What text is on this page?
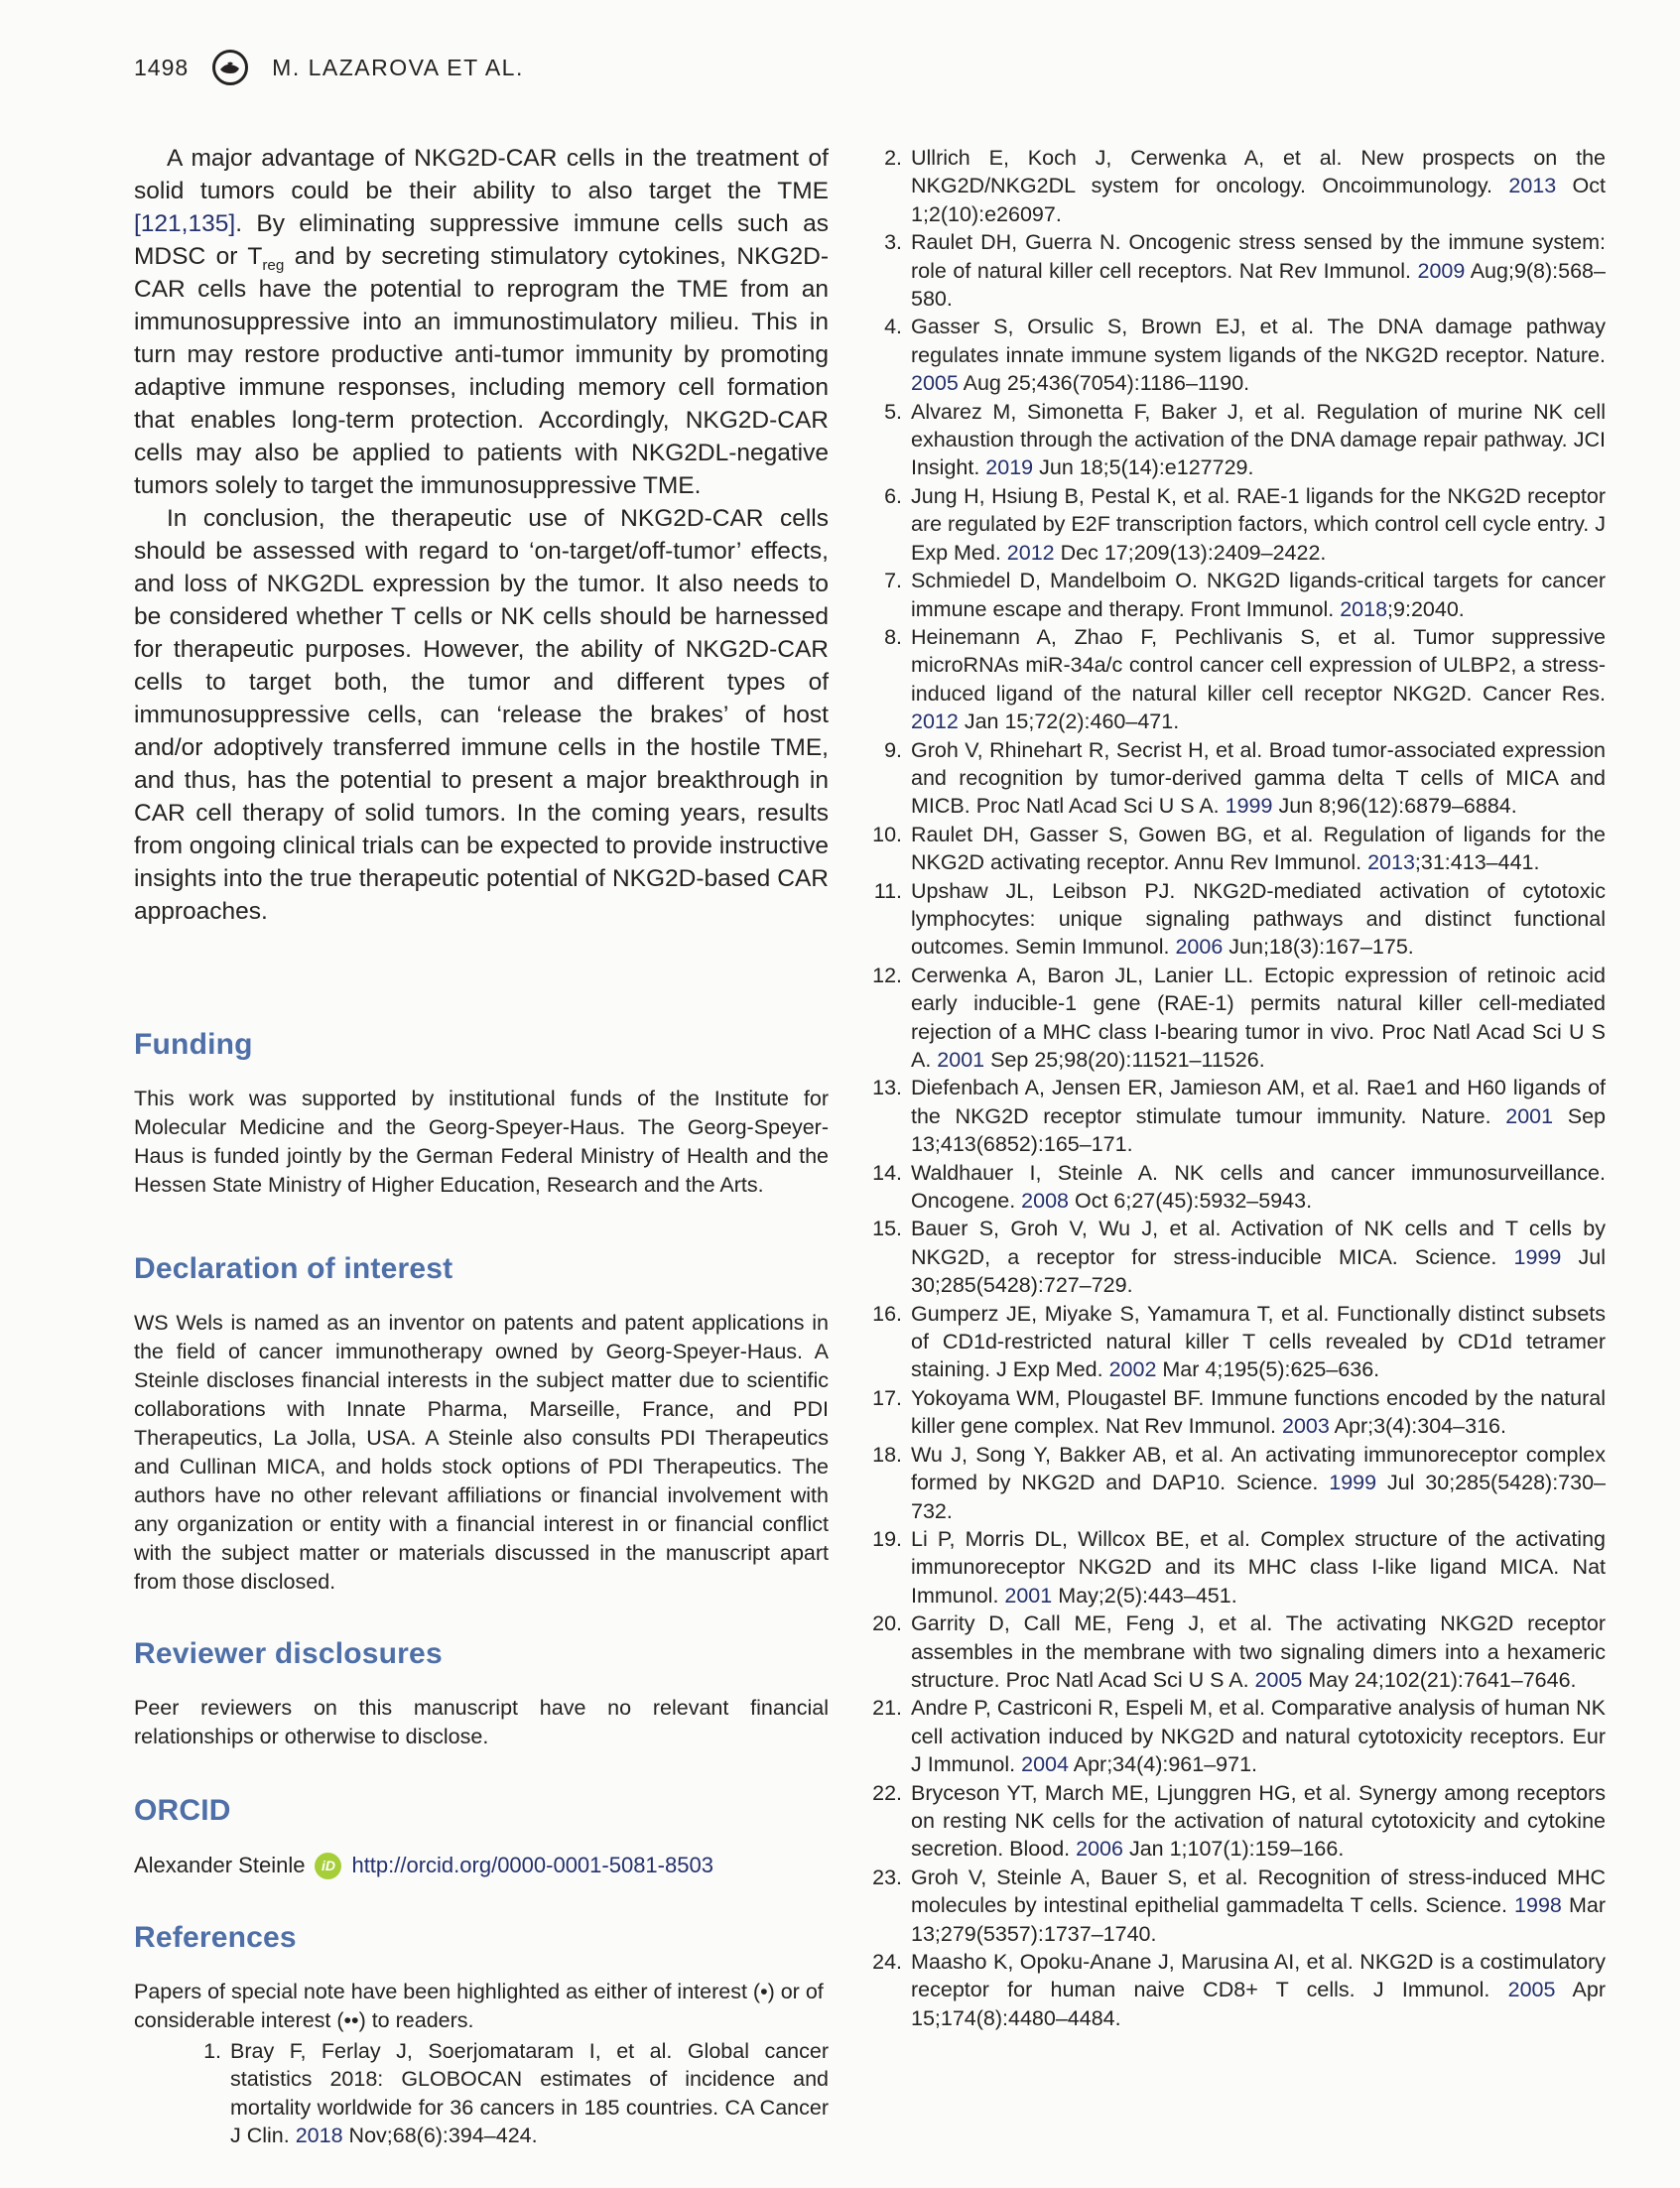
1498	M. LAZAROVA ET AL.

A major advantage of NKG2D-CAR cells in the treatment of solid tumors could be their ability to also target the TME [121,135]. By eliminating suppressive immune cells such as MDSC or $T_{reg}$ and by secreting stimulatory cytokines, NKG2D-CAR cells have the potential to reprogram the TME from an immunosuppressive into an immunostimulatory milieu. This in turn may restore productive anti-tumor immunity by promoting adaptive immune responses, including memory cell formation that enables long-term protection. Accordingly, NKG2D-CAR cells may also be applied to patients with NKG2DL-negative tumors solely to target the immunosuppressive TME.

In conclusion, the therapeutic use of NKG2D-CAR cells should be assessed with regard to ‘on-target/off-tumor’ effects, and loss of NKG2DL expression by the tumor. It also needs to be considered whether T cells or NK cells should be harnessed for therapeutic purposes. However, the ability of NKG2D-CAR cells to target both, the tumor and different types of immunosuppressive cells, can ‘release the brakes’ of host and/or adoptively transferred immune cells in the hostile TME, and thus, has the potential to present a major breakthrough in CAR cell therapy of solid tumors. In the coming years, results from ongoing clinical trials can be expected to provide instructive insights into the true therapeutic potential of NKG2D-based CAR approaches.

Funding

This work was supported by institutional funds of the Institute for Molecular Medicine and the Georg-Speyer-Haus. The Georg-Speyer-Haus is funded jointly by the German Federal Ministry of Health and the Hessen State Ministry of Higher Education, Research and the Arts.

Declaration of interest

WS Wels is named as an inventor on patents and patent applications in the field of cancer immunotherapy owned by Georg-Speyer-Haus. A Steinle discloses financial interests in the subject matter due to scientific collaborations with Innate Pharma, Marseille, France, and PDI Therapeutics, La Jolla, USA. A Steinle also consults PDI Therapeutics and Cullinan MICA, and holds stock options of PDI Therapeutics. The authors have no other relevant affiliations or financial involvement with any organization or entity with a financial interest in or financial conflict with the subject matter or materials discussed in the manuscript apart from those disclosed.

Reviewer disclosures

Peer reviewers on this manuscript have no relevant financial relationships or otherwise to disclose.

ORCID

Alexander Steinle	iD http://orcid.org/0000-0001-5081-8503

References

Papers of special note have been highlighted as either of interest (•) or of considerable interest (••) to readers.

1. Bray F, Ferlay J, Soerjomataram I, et al. Global cancer statistics 2018: GLOBOCAN estimates of incidence and mortality worldwide for 36 cancers in 185 countries. CA Cancer J Clin. 2018 Nov;68(6):394–424.
2. Ullrich E, Koch J, Cerwenka A, et al. New prospects on the NKG2D/NKG2DL system for oncology. Oncoimmunology. 2013 Oct 1;2(10):e26097.
3. Raulet DH, Guerra N. Oncogenic stress sensed by the immune system: role of natural killer cell receptors. Nat Rev Immunol. 2009 Aug;9(8):568–580.
4. Gasser S, Orsulic S, Brown EJ, et al. The DNA damage pathway regulates innate immune system ligands of the NKG2D receptor. Nature. 2005 Aug 25;436(7054):1186–1190.
5. Alvarez M, Simonetta F, Baker J, et al. Regulation of murine NK cell exhaustion through the activation of the DNA damage repair pathway. JCI Insight. 2019 Jun 18;5(14):e127729.
6. Jung H, Hsiung B, Pestal K, et al. RAE-1 ligands for the NKG2D receptor are regulated by E2F transcription factors, which control cell cycle entry. J Exp Med. 2012 Dec 17;209(13):2409–2422.
7. Schmiedel D, Mandelboim O. NKG2D ligands-critical targets for cancer immune escape and therapy. Front Immunol. 2018;9:2040.
8. Heinemann A, Zhao F, Pechlivanis S, et al. Tumor suppressive microRNAs miR-34a/c control cancer cell expression of ULBP2, a stress-induced ligand of the natural killer cell receptor NKG2D. Cancer Res. 2012 Jan 15;72(2):460–471.
9. Groh V, Rhinehart R, Secrist H, et al. Broad tumor-associated expression and recognition by tumor-derived gamma delta T cells of MICA and MICB. Proc Natl Acad Sci U S A. 1999 Jun 8;96(12):6879–6884.
10. Raulet DH, Gasser S, Gowen BG, et al. Regulation of ligands for the NKG2D activating receptor. Annu Rev Immunol. 2013;31:413–441.
11. Upshaw JL, Leibson PJ. NKG2D-mediated activation of cytotoxic lymphocytes: unique signaling pathways and distinct functional outcomes. Semin Immunol. 2006 Jun;18(3):167–175.
12. Cerwenka A, Baron JL, Lanier LL. Ectopic expression of retinoic acid early inducible-1 gene (RAE-1) permits natural killer cell-mediated rejection of a MHC class I-bearing tumor in vivo. Proc Natl Acad Sci U S A. 2001 Sep 25;98(20):11521–11526.
13. Diefenbach A, Jensen ER, Jamieson AM, et al. Rae1 and H60 ligands of the NKG2D receptor stimulate tumour immunity. Nature. 2001 Sep 13;413(6852):165–171.
14. Waldhauer I, Steinle A. NK cells and cancer immunosurveillance. Oncogene. 2008 Oct 6;27(45):5932–5943.
15. Bauer S, Groh V, Wu J, et al. Activation of NK cells and T cells by NKG2D, a receptor for stress-inducible MICA. Science. 1999 Jul 30;285(5428):727–729.
16. Gumperz JE, Miyake S, Yamamura T, et al. Functionally distinct subsets of CD1d-restricted natural killer T cells revealed by CD1d tetramer staining. J Exp Med. 2002 Mar 4;195(5):625–636.
17. Yokoyama WM, Plougastel BF. Immune functions encoded by the natural killer gene complex. Nat Rev Immunol. 2003 Apr;3(4):304–316.
18. Wu J, Song Y, Bakker AB, et al. An activating immunoreceptor complex formed by NKG2D and DAP10. Science. 1999 Jul 30;285(5428):730–732.
19. Li P, Morris DL, Willcox BE, et al. Complex structure of the activating immunoreceptor NKG2D and its MHC class I-like ligand MICA. Nat Immunol. 2001 May;2(5):443–451.
20. Garrity D, Call ME, Feng J, et al. The activating NKG2D receptor assembles in the membrane with two signaling dimers into a hexameric structure. Proc Natl Acad Sci U S A. 2005 May 24;102(21):7641–7646.
21. Andre P, Castriconi R, Espeli M, et al. Comparative analysis of human NK cell activation induced by NKG2D and natural cytotoxicity receptors. Eur J Immunol. 2004 Apr;34(4):961–971.
22. Bryceson YT, March ME, Ljunggren HG, et al. Synergy among receptors on resting NK cells for the activation of natural cytotoxicity and cytokine secretion. Blood. 2006 Jan 1;107(1):159–166.
23. Groh V, Steinle A, Bauer S, et al. Recognition of stress-induced MHC molecules by intestinal epithelial gammadelta T cells. Science. 1998 Mar 13;279(5357):1737–1740.
24. Maasho K, Opoku-Anane J, Marusina AI, et al. NKG2D is a costimulatory receptor for human naive CD8+ T cells. J Immunol. 2005 Apr 15;174(8):4480–4484.
